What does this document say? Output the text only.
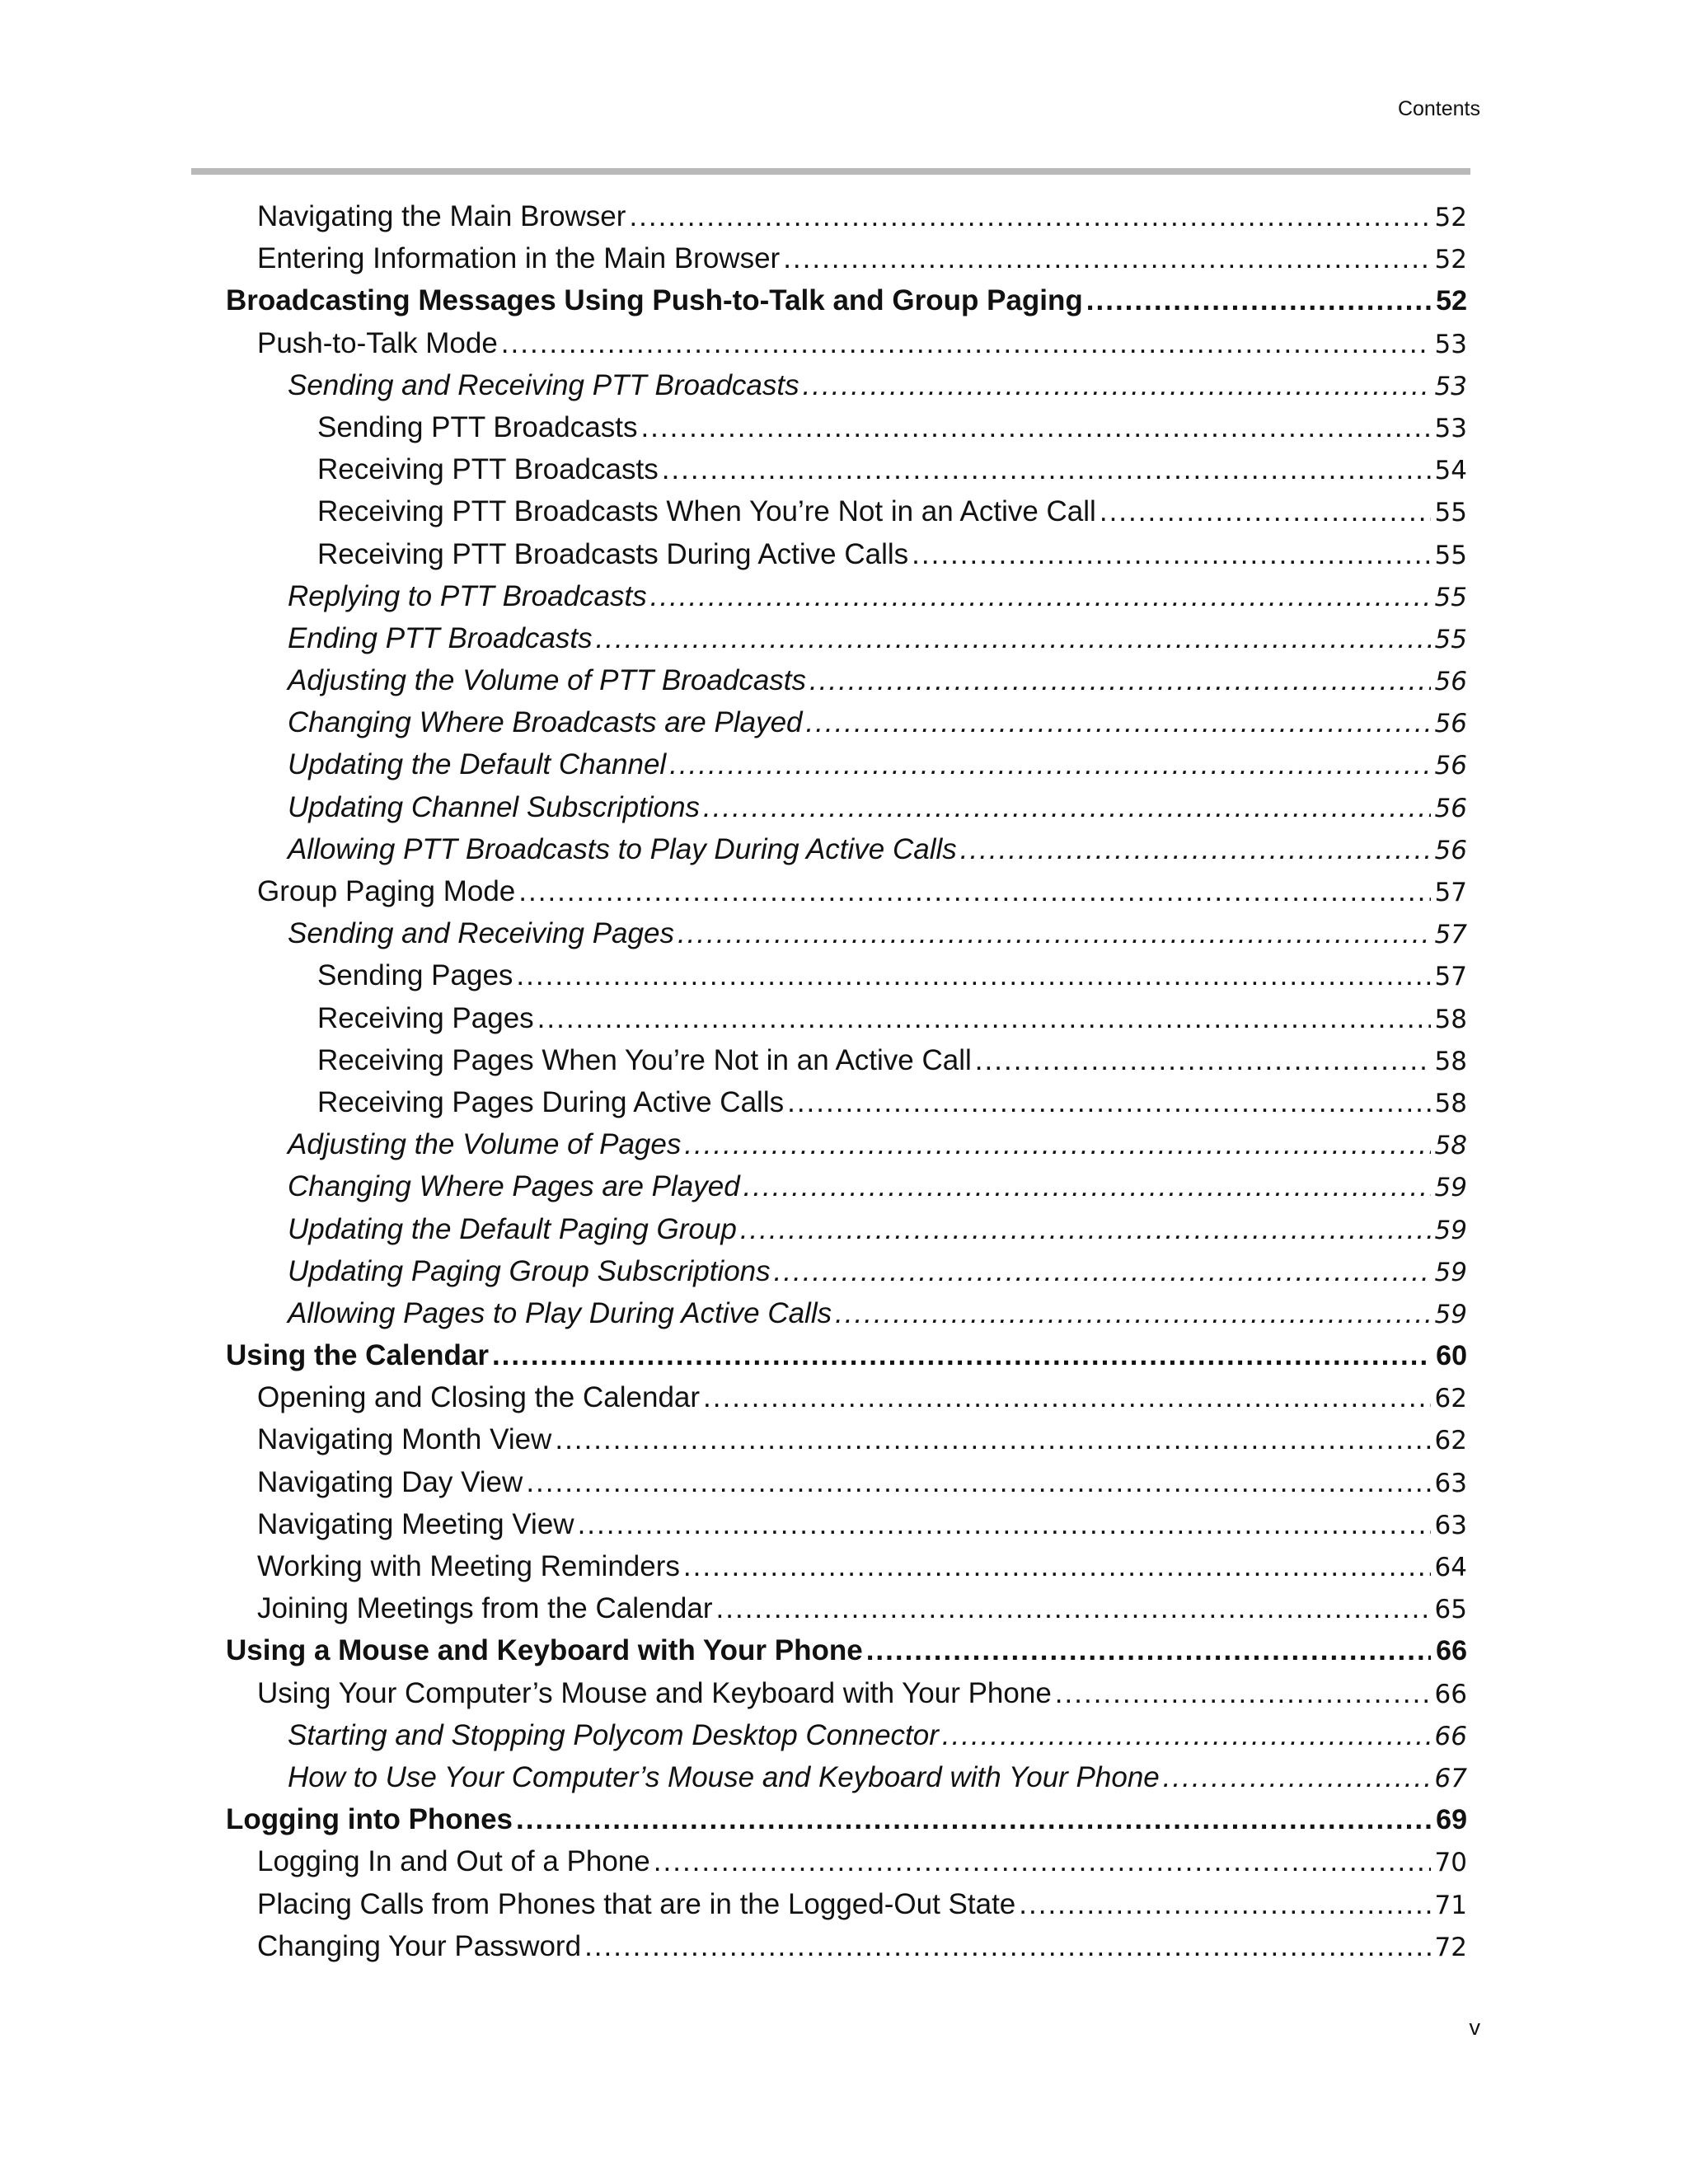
Contents
Navigating the Main Browser .....	52
Entering Information in the Main Browser .....	52
Broadcasting Messages Using Push-to-Talk and Group Paging .....	52
Push-to-Talk Mode .....	53
Sending and Receiving PTT Broadcasts .....	53
Sending PTT Broadcasts .....	53
Receiving PTT Broadcasts .....	54
Receiving PTT Broadcasts When You’re Not in an Active Call .....	55
Receiving PTT Broadcasts During Active Calls .....	55
Replying to PTT Broadcasts .....	55
Ending PTT Broadcasts .....	55
Adjusting the Volume of PTT Broadcasts .....	56
Changing Where Broadcasts are Played .....	56
Updating the Default Channel .....	56
Updating Channel Subscriptions .....	56
Allowing PTT Broadcasts to Play During Active Calls .....	56
Group Paging Mode .....	57
Sending and Receiving Pages .....	57
Sending Pages .....	57
Receiving Pages .....	58
Receiving Pages When You’re Not in an Active Call .....	58
Receiving Pages During Active Calls .....	58
Adjusting the Volume of Pages .....	58
Changing Where Pages are Played .....	59
Updating the Default Paging Group .....	59
Updating Paging Group Subscriptions .....	59
Allowing Pages to Play During Active Calls .....	59
Using the Calendar .....	60
Opening and Closing the Calendar .....	62
Navigating Month View .....	62
Navigating Day View .....	63
Navigating Meeting View .....	63
Working with Meeting Reminders .....	64
Joining Meetings from the Calendar .....	65
Using a Mouse and Keyboard with Your Phone .....	66
Using Your Computer’s Mouse and Keyboard with Your Phone .....	66
Starting and Stopping Polycom Desktop Connector .....	66
How to Use Your Computer’s Mouse and Keyboard with Your Phone .....	67
Logging into Phones .....	69
Logging In and Out of a Phone .....	70
Placing Calls from Phones that are in the Logged-Out State .....	71
Changing Your Password .....	72
v
